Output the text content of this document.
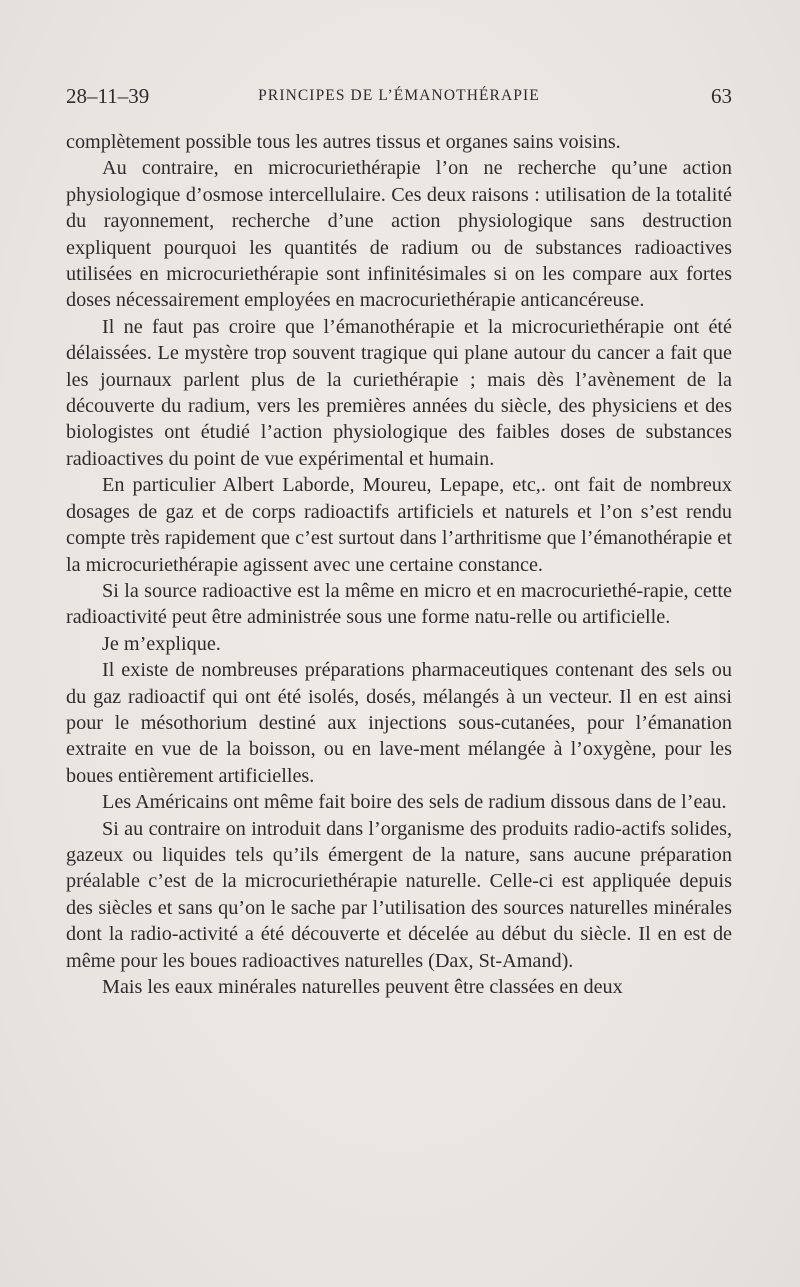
28–11–39	PRINCIPES DE L’ÉMANOTHÉRAPIE	63

complètement possible tous les autres tissus et organes sains voisins.

Au contraire, en microcuriethérapie l’on ne recherche qu’une action physiologique d’osmose intercellulaire. Ces deux raisons : utilisation de la totalité du rayonnement, recherche d’une action physiologique sans destruction expliquent pourquoi les quantités de radium ou de substances radioactives utilisées en microcuriethérapie sont infinitésimales si on les compare aux fortes doses nécessairement employées en macrocuriethérapie anticancéreuse.

Il ne faut pas croire que l’émanothérapie et la microcuriethérapie ont été délaissées. Le mystère trop souvent tragique qui plane autour du cancer a fait que les journaux parlent plus de la curiethérapie ; mais dès l’avènement de la découverte du radium, vers les premières années du siècle, des physiciens et des biologistes ont étudié l’action physiologique des faibles doses de substances radioactives du point de vue expérimental et humain.

En particulier Albert Laborde, Moureu, Lepape, etc,. ont fait de nombreux dosages de gaz et de corps radioactifs artificiels et naturels et l’on s’est rendu compte très rapidement que c’est surtout dans l’arthritisme que l’émanothérapie et la microcuriethérapie agissent avec une certaine constance.

Si la source radioactive est la même en micro et en macrocuriethé-rapie, cette radioactivité peut être administrée sous une forme natu-relle ou artificielle.

Je m’explique.

Il existe de nombreuses préparations pharmaceutiques contenant des sels ou du gaz radioactif qui ont été isolés, dosés, mélangés à un vecteur. Il en est ainsi pour le mésothorium destiné aux injections sous-cutanées, pour l’émanation extraite en vue de la boisson, ou en lave-ment mélangée à l’oxygène, pour les boues entièrement artificielles.

Les Américains ont même fait boire des sels de radium dissous dans de l’eau.

Si au contraire on introduit dans l’organisme des produits radio-actifs solides, gazeux ou liquides tels qu’ils émergent de la nature, sans aucune préparation préalable c’est de la microcuriethérapie naturelle. Celle-ci est appliquée depuis des siècles et sans qu’on le sache par l’utilisation des sources naturelles minérales dont la radio-activité a été découverte et décelée au début du siècle. Il en est de même pour les boues radioactives naturelles (Dax, St-Amand).

Mais les eaux minérales naturelles peuvent être classées en deux
